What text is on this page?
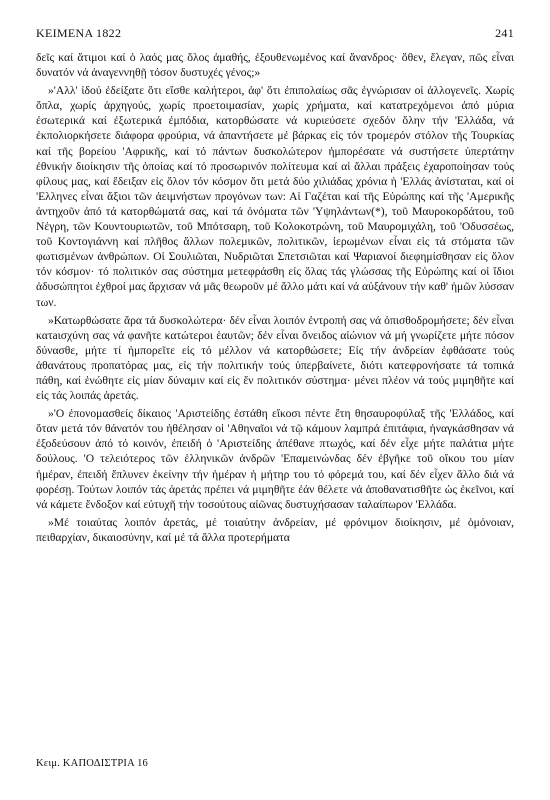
ΚΕΙΜΕΝΑ 1822	241

δεῖς καί ἄτιμοι καί ὁ λαός μας ὅλος ἀμαθής, ἐξουθενωμένος καί ἄνανδρος· ὅθεν, ἔλεγαν, πῶς εἶναι δυνατόν νά ἀναγεννηθῇ τόσον δυστυχές γένος;»

»'Αλλ' ἰδού ἐδείξατε ὅτι εἴσθε καλήτεροι, ἀφ' ὅτι ἐπιπολαίως σᾶς ἐγνώρισαν οἱ ἀλλογενεῖς. Χωρίς ὅπλα, χωρίς ἀρχηγούς, χωρίς προετοιμασίαν, χωρίς χρήματα, καί κατατρεχόμενοι ἀπό μύρια ἐσωτερικά καί ἐξωτερικά ἐμπόδια, κατορθώσατε νά κυριεύσετε σχεδόν ὅλην τήν 'Ελλάδα, νά ἐκπολιορκήσετε διάφορα φρούρια, νά ἀπαντήσετε μέ βάρκας εἰς τόν τρομερόν στόλον τῆς Τουρκίας καί τῆς βορείου 'Αφρικῆς, καί τό πάντων δυσκολώτερον ἠμπορέσατε νά συστήσετε ὑπερτάτην ἐθνικήν διοίκησιν τῆς ὁποίας καί τό προσωρινόν πολίτευμα καί αἱ ἄλλαι πράξεις ἐχαροποίησαν τούς φίλους μας, καί ἔδειξαν εἰς ὅλον τόν κόσμον ὅτι μετά δύο χιλιάδας χρόνια ἡ 'Ελλάς ἀνίσταται, καί οἱ 'Ελληνες εἶναι ἄξιοι τῶν ἀειμνήστων προγόνων των: Αἱ Γαζέται καί τῆς Εὐρώπης καί τῆς 'Αμερικῆς ἀντηχοῦν ἀπό τά κατορθώματά σας, καί τά ὀνόματα τῶν 'Υψηλάντων(*), τοῦ Μαυροκορδάτου, τοῦ Νέγρη, τῶν Κουντουριωτῶν, τοῦ Μπότσαρη, τοῦ Κολοκοτρώνη, τοῦ Μαυρομιχάλη, τοῦ 'Οδυσσέως, τοῦ Κοντογιάννη καί πλῆθος ἄλλων πολεμικῶν, πολιτικῶν, ἱερωμένων εἶναι εἰς τά στόματα τῶν φωτισμένων ἀνθρώπων. Οἱ Σουλιῶται, Νυδριῶται Σπετσιῶται καί Ψαριανοί διεφημίσθησαν εἰς ὅλον τόν κόσμον· τό πολιτικόν σας σύστημα μετεφράσθη εἰς ὅλας τάς γλώσσας τῆς Εὐρώπης καί οἱ ἴδιοι ἀδυσώπητοι ἐχθροί μας ἄρχισαν νά μᾶς θεωροῦν μέ ἄλλο μάτι καί νά αὐξάνουν τήν καθ' ἡμῶν λύσσαν των.

»Κατωρθώσατε ἄρα τά δυσκολώτερα· δέν εἶναι λοιπόν ἐντροπή σας νά ὀπισθοδρομήσετε; δέν εἶναι κατaισχύνη σας νά φανῆτε κατώτεροι ἑαυτῶν; δέν εἶναι ὄνειδος αἰώνιον νά μή γνωρίζετε μήτε πόσον δύνασθε, μήτε τί ἠμπορεῖτε εἰς τό μέλλον νά κατορθώσετε; Εἰς τήν ἀνδρείαν ἐφθάσατε τούς ἀθανάτους προπατόρας μας, εἰς τήν πολιτικήν τούς ὑπερβαίνετε, διότι κατεφρονήσατε τά τοπικά πάθη, καί ἑνώθητε εἰς μίαν δύναμιν καί εἰς ἕν πολιτικόν σύστημα· μένει πλέον νά τούς μιμηθῆτε καί εἰς τάς λοιπάς ἀρετάς.

»'Ο ἐπονομασθείς δίκαιος 'Αριστείδης ἐστάθη εἴκοσι πέντε ἔτη θησαυροφύλαξ τῆς 'Ελλάδος, καί ὅταν μετά τόν θάνατόν του ἠθέλησαν οἱ 'Αθηναῖοι νά τῷ κάμουν λαμπρά ἐπιτάφια, ἠναγκάσθησαν νά ἐξοδεύσουν ἀπό τό κοινόν, ἐπειδή ὁ 'Αριστείδης ἀπέθανε πτωχός, καί δέν εἶχε μήτε παλάτια μήτε δούλους. 'Ο τελειότερος τῶν ἑλληνικῶν ἀνδρῶν 'Επαμεινώνδας δέν ἐβγῆκε τοῦ οἴκου του μίαν ἡμέραν, ἐπειδή ἔπλυνεν ἐκείνην τήν ἡμέραν ἡ μήτηρ του τό φόρεμά του, καί δέν εἶχεν ἄλλο διά νά φορέσῃ. Τούτων λοιπόν τάς ἀρετάς πρέπει νά μιμηθῆτε ἐάν θέλετε νά ἀποθανατισθῆτε ὡς ἐκεῖνοι, καί νά κάμετε ἔνδοξον καί εὐτυχῆ τήν τοσούτους αἰῶνας δυστυχήσασαν ταλαίπωρον 'Ελλάδα.

»Μέ τοιαύτας λοιπόν ἀρετάς, μέ τοιαύτην ἀνδρείαν, μέ φρόνιμον διοίκησιν, μέ ὁμόνοιαν, πειθαρχίαν, δικαιοσύνην, καί μέ τά ἄλλα προτερήματα

Κειμ. ΚΑΠΟΔΙΣΤΡΙΑ 16
